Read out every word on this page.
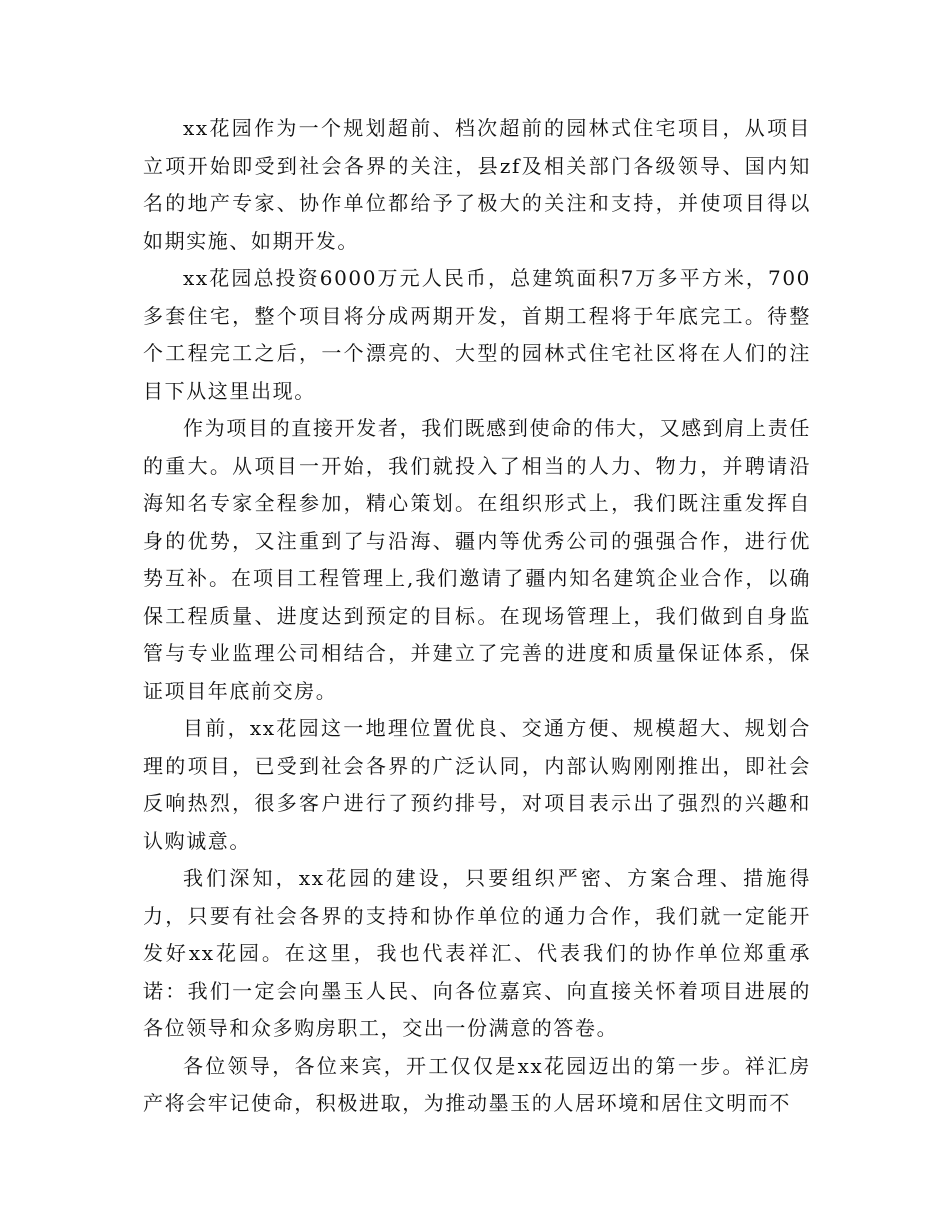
xx花园作为一个规划超前、档次超前的园林式住宅项目，从项目立项开始即受到社会各界的关注，县zf及相关部门各级领导、国内知名的地产专家、协作单位都给予了极大的关注和支持，并使项目得以如期实施、如期开发。

xx花园总投资6000万元人民币，总建筑面积7万多平方米，700多套住宅，整个项目将分成两期开发，首期工程将于年底完工。待整个工程完工之后，一个漂亮的、大型的园林式住宅社区将在人们的注目下从这里出现。

作为项目的直接开发者，我们既感到使命的伟大，又感到肩上责任的重大。从项目一开始，我们就投入了相当的人力、物力，并聘请沿海知名专家全程参加，精心策划。在组织形式上，我们既注重发挥自身的优势，又注重到了与沿海、疆内等优秀公司的强强合作，进行优势互补。在项目工程管理上,我们邀请了疆内知名建筑企业合作，以确保工程质量、进度达到预定的目标。在现场管理上，我们做到自身监管与专业监理公司相结合，并建立了完善的进度和质量保证体系，保证项目年底前交房。

目前，xx花园这一地理位置优良、交通方便、规模超大、规划合理的项目，已受到社会各界的广泛认同，内部认购刚刚推出，即社会反响热烈，很多客户进行了预约排号，对项目表示出了强烈的兴趣和认购诚意。

我们深知，xx花园的建设，只要组织严密、方案合理、措施得力，只要有社会各界的支持和协作单位的通力合作，我们就一定能开发好xx花园。在这里，我也代表祥汇、代表我们的协作单位郑重承诺：我们一定会向墨玉人民、向各位嘉宾、向直接关怀着项目进展的各位领导和众多购房职工，交出一份满意的答卷。

各位领导，各位来宾，开工仅仅是xx花园迈出的第一步。祥汇房产将会牢记使命，积极进取，为推动墨玉的人居环境和居住文明而不
